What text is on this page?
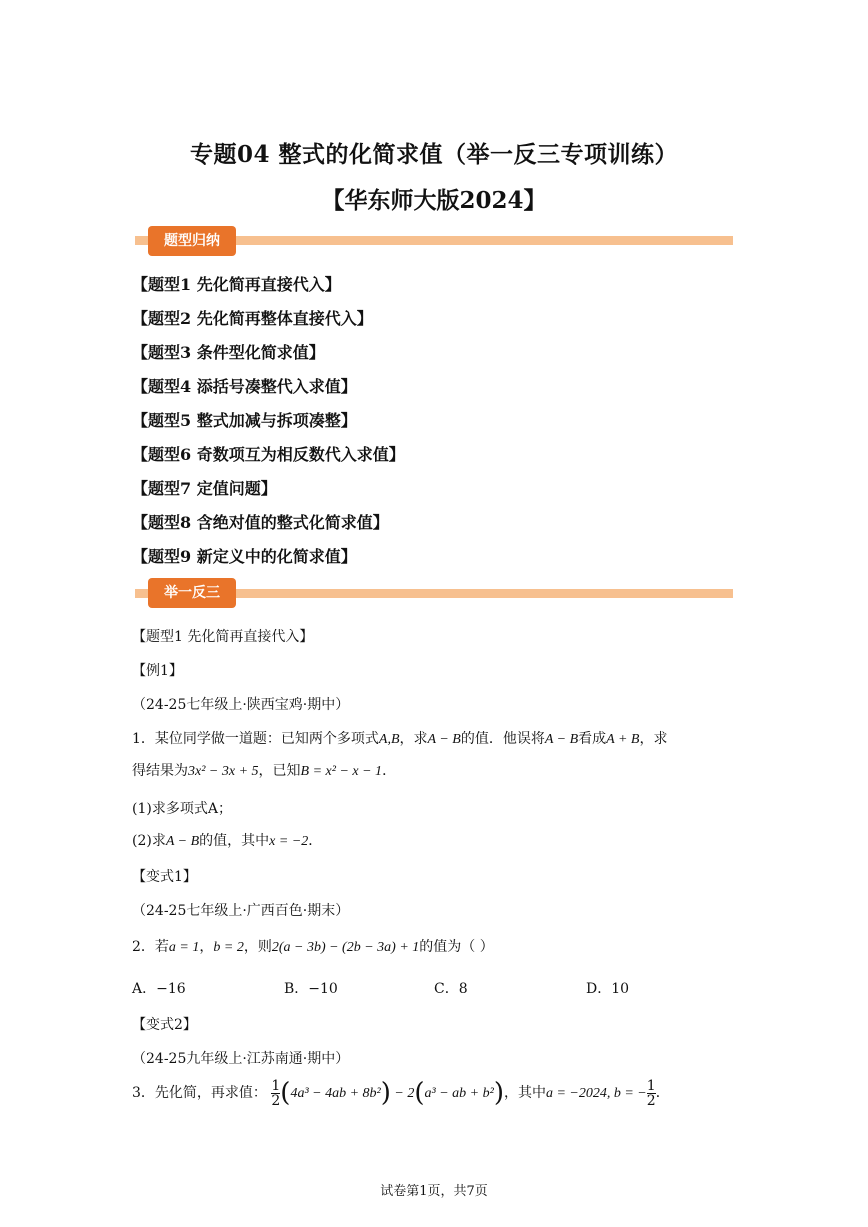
专题04 整式的化简求值（举一反三专项训练）
【华东师大版2024】
题型归纳
【题型1 先化简再直接代入】
【题型2 先化简再整体直接代入】
【题型3 条件型化简求值】
【题型4 添括号凑整代入求值】
【题型5 整式加减与拆项凑整】
【题型6 奇数项互为相反数代入求值】
【题型7 定值问题】
【题型8 含绝对值的整式化简求值】
【题型9 新定义中的化简求值】
举一反三
【题型1 先化简再直接代入】
【例1】
（24-25七年级上·陕西宝鸡·期中）
1．某位同学做一道题：已知两个多项式A,B，求A − B的值．他误将A − B看成A + B，求
得结果为3x² − 3x + 5，已知B = x² − x − 1．
(1)求多项式A；
(2)求A − B的值，其中x = −2．
【变式1】
（24-25七年级上·广西百色·期末）
2．若a = 1，b = 2，则2(a − 3b) − (2b − 3a) + 1的值为（ ）
A．−16	B．−10	C．8	D．10
【变式2】
（24-25九年级上·江苏南通·期中）
3．先化简，再求值： $\frac{1}{2} (4a^3 - 4ab + 8b^2) - 2(a^3$ − ab + b²)，其中a = −2024, b = − $\frac{1}{2}$ ．
试卷第1页，共7页
